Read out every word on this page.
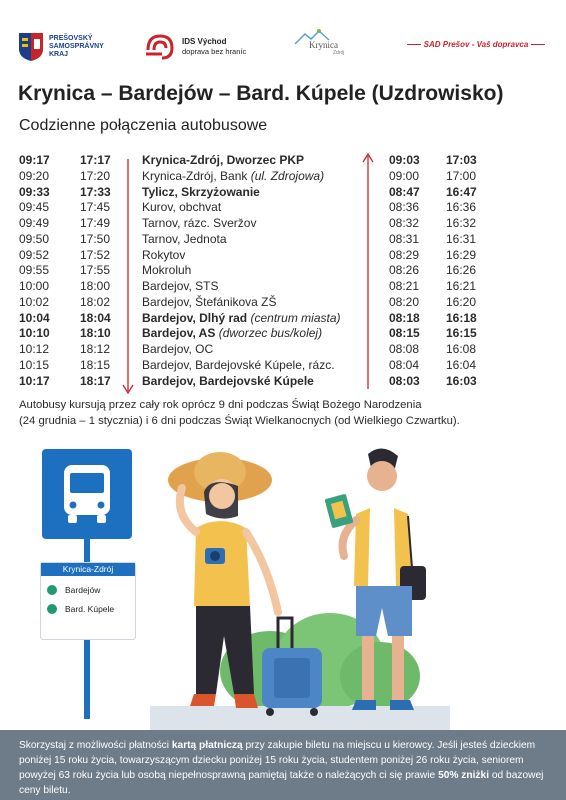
PREŠOVSKÝ
SAMOSPRÁVNY
KRAJ
IDS Východ
doprava bez hraníc
Krynica
Zdrój
SAD Prešov - Vaš dopravca
Krynica – Bardejów – Bard. Kúpele (Uzdrowisko)
Codzienne połączenia autobusowe
09:17	17:17	Krynica-Zdrój, Dworzec PKP	09:03 17:03
09:20	17:20	Krynica-Zdrój, Bank (ul. Zdrojowa)	09:00 17:00
09:33	17:33	Tylicz, Skrzyżowanie	08:47 16:47
09:45	17:45	Kurov, obchvat	08:36 16:36
09:49	17:49	Tarnov, rázc. Sveržov	08:32 16:32
09:50	17:50	Tarnov, Jednota	08:31 16:31
09:52	17:52	Rokytov	08:29 16:29
09:55	17:55	Mokroluh	08:26 16:26
10:00	18:00	Bardejov, STS	08:21 16:21
10:02	18:02	Bardejov, Štefánikova ZŠ	08:20 16:20
10:04	18:04	Bardejov, Dlhý rad (centrum miasta)	08:18 16:18
10:10	18:10	Bardejov, AS (dworzec bus/kolej)	08:15 16:15
10:12	18:12	Bardejov, OC	08:08 16:08
10:15	18:15	Bardejov, Bardejovské Kúpele, rázc.	08:04 16:04
10:17	18:17	Bardejov, Bardejovské Kúpele	08:03 16:03
Autobusy kursują przez cały rok oprócz 9 dni podczas Świąt Bożego Narodzenia
(24 grudnia – 1 stycznia) i 6 dni podczas Świąt Wielkanocnych (od Wielkiego Czwartku).
Krynica-Zdrój
Bardejów
Bard. Kúpele
Skorzystaj z możliwości płatności kartą płatniczą przy zakupie biletu na miejscu u kierowcy. Jeśli jesteś dzieckiem poniżej 15 roku życia, towarzyszącym dziecku poniżej 15 roku życia, studentem poniżej 26 roku życia, seniorem powyżej 63 roku życia lub osobą niepełnosprawną pamiętaj także o należących ci się prawie 50% zniżki od bazowej ceny biletu.
